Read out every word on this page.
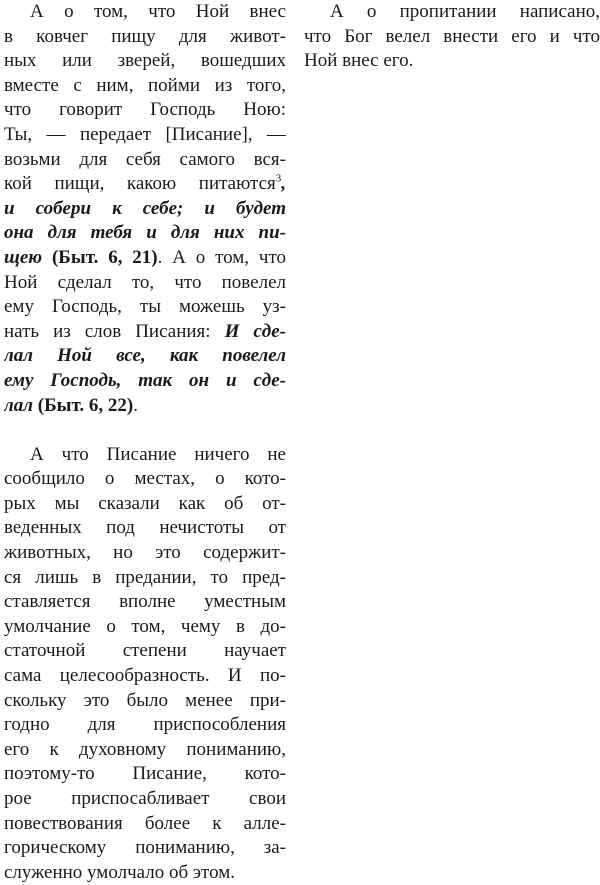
А о том, что Ной внес
в ковчег пищу для живот-
ных или зверей, вошедших
вместе с ним, пойми из того,
что говорит Господь Ною:
Ты, — передает [Писание], —
возьми для себя самого вся-
кой пищи, какою питаются$^3$,
и собери к себе; и будет
она для тебя и для них пи-
щею (Быт. 6, 21). А о том, что
Ной сделал то, что повелел
ему Господь, ты можешь уз-
нать из слов Писания: И сде-
лал Ной все, как повелел
ему Господь, так он и сде-
лал (Быт. 6, 22).
А что Писание ничего не
сообщило о местах, о кото-
рых мы сказали как об от-
веденных под нечистоты от
животных, но это содержит-
ся лишь в предании, то пред-
ставляется вполне уместным
умолчание о том, чему в до-
статочной степени научает
сама целесообразность. И по-
скольку это было менее при-
годно для приспособления
его к духовному пониманию,
поэтому-то Писание, кото-
рое приспосабливает свои
повествования более к алле-
горическому пониманию, за-
служенно умолчало об этом.
А о пропитании написано,
что Бог велел внести его и что
Ной внес его.
